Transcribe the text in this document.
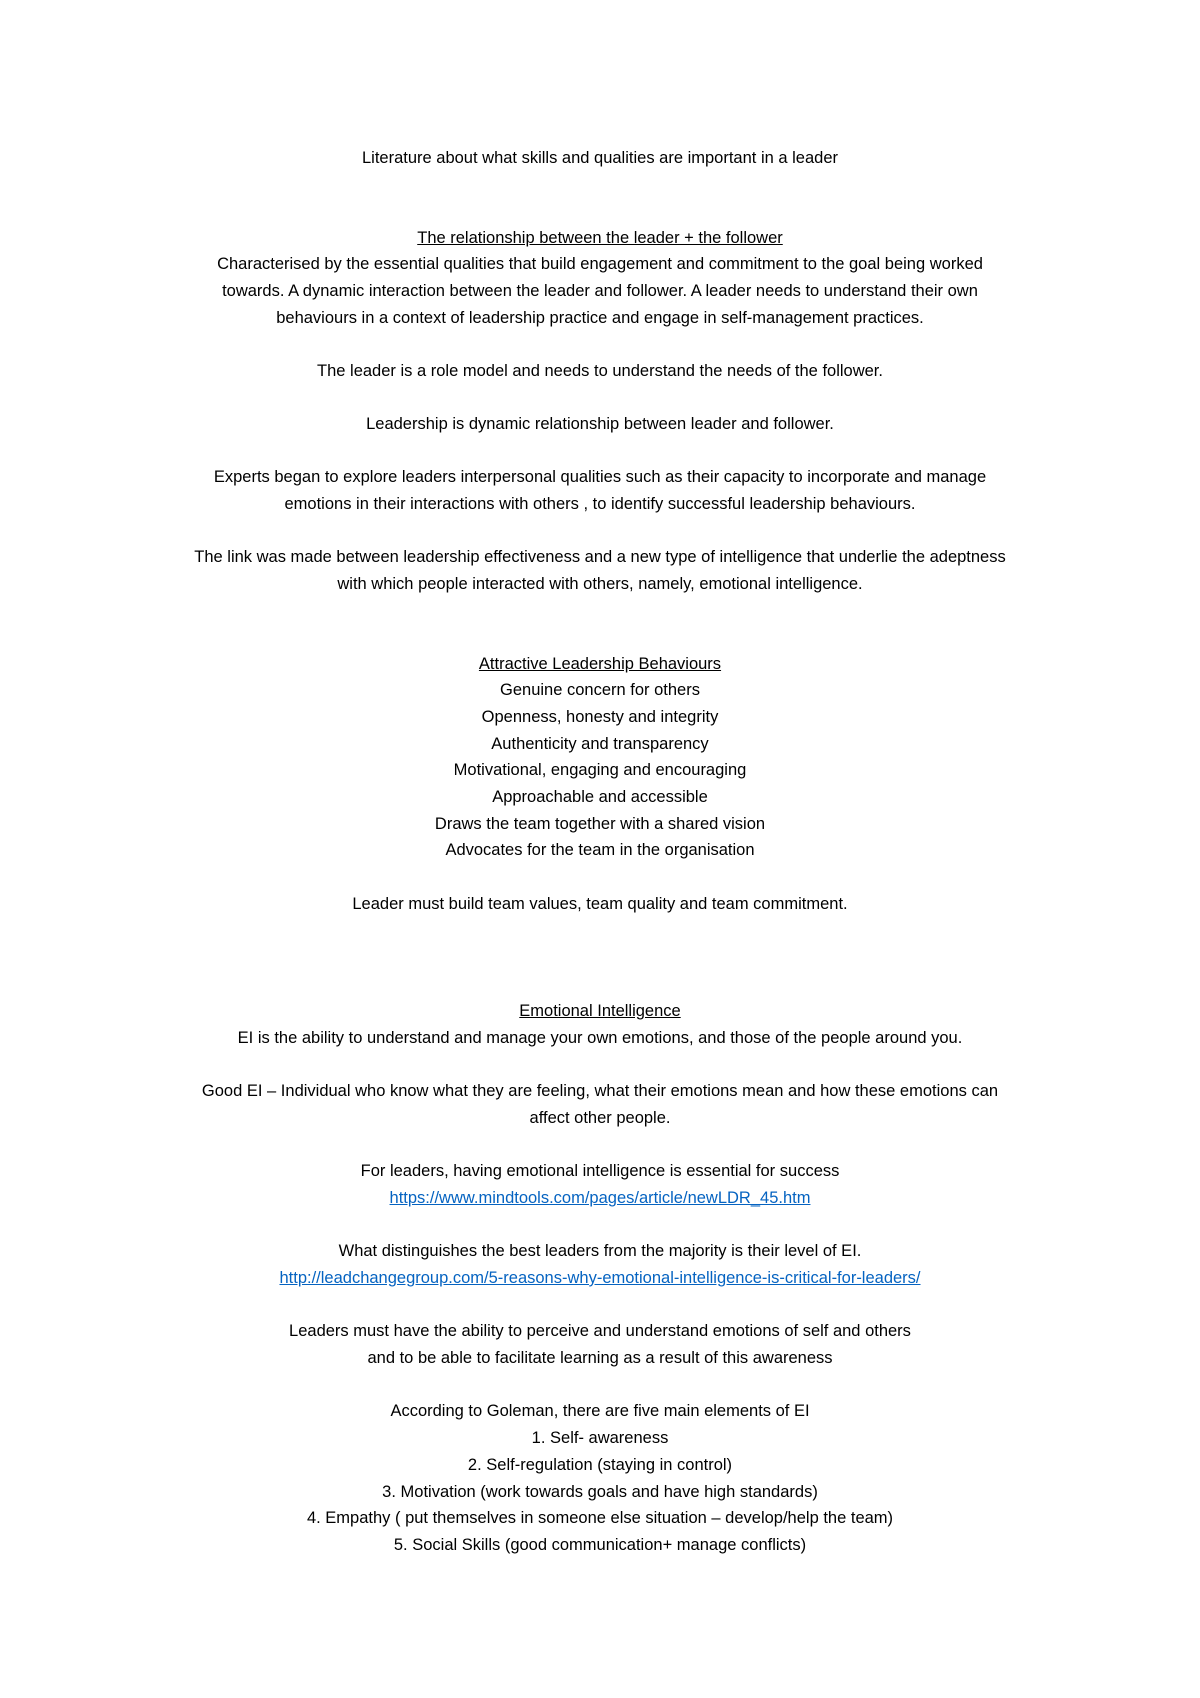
Literature about what skills and qualities are important in a leader
The relationship between the leader + the follower
Characterised by the essential qualities that build engagement and commitment to the goal being worked
towards. A dynamic interaction between the leader and follower. A leader needs to understand their own
behaviours in a context of leadership practice and engage in self-management practices.
The leader is a role model and needs to understand the needs of the follower.
Leadership is dynamic relationship between leader and follower.
Experts began to explore leaders interpersonal qualities such as their capacity to incorporate and manage
emotions in their interactions with others , to identify successful leadership behaviours.
The link was made between leadership effectiveness and a new type of intelligence that underlie the adeptness
with which people interacted with others, namely, emotional intelligence.
Attractive Leadership Behaviours
Genuine concern for others
Openness, honesty and integrity
Authenticity and transparency
Motivational, engaging and encouraging
Approachable and accessible
Draws the team together with a shared vision
Advocates for the team in the organisation
Leader must build team values, team quality and team commitment.
Emotional Intelligence
EI is the ability to understand and manage your own emotions, and those of the people around you.
Good EI – Individual who know what they are feeling, what their emotions mean and how these emotions can
affect other people.
For leaders, having emotional intelligence is essential for success
https://www.mindtools.com/pages/article/newLDR_45.htm
What distinguishes the best leaders from the majority is their level of EI.
http://leadchangegroup.com/5-reasons-why-emotional-intelligence-is-critical-for-leaders/
Leaders must have the ability to perceive and understand emotions of self and others
and to be able to facilitate learning as a result of this awareness
According to Goleman, there are five main elements of EI
1. Self- awareness
2. Self-regulation (staying in control)
3. Motivation (work towards goals and have high standards)
4. Empathy ( put themselves in someone else situation – develop/help the team)
5. Social Skills (good communication+ manage conflicts)
